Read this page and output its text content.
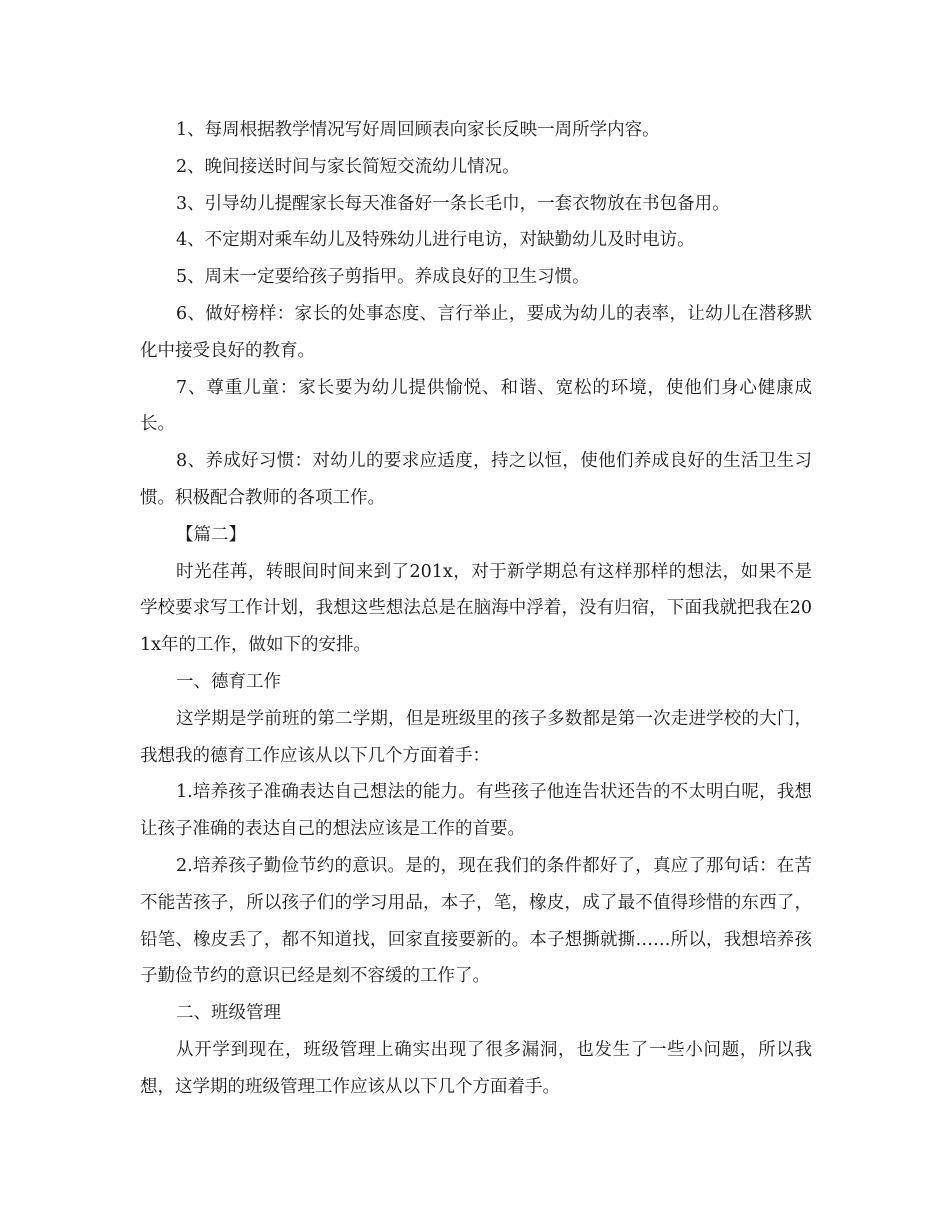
1、每周根据教学情况写好周回顾表向家长反映一周所学内容。

2、晚间接送时间与家长简短交流幼儿情况。

3、引导幼儿提醒家长每天准备好一条长毛巾，一套衣物放在书包备用。

4、不定期对乘车幼儿及特殊幼儿进行电访，对缺勤幼儿及时电访。

5、周末一定要给孩子剪指甲。养成良好的卫生习惯。

6、做好榜样：家长的处事态度、言行举止，要成为幼儿的表率，让幼儿在潜移默化中接受良好的教育。

7、尊重儿童：家长要为幼儿提供愉悦、和谐、宽松的环境，使他们身心健康成长。

8、养成好习惯：对幼儿的要求应适度，持之以恒，使他们养成良好的生活卫生习惯。积极配合教师的各项工作。

【篇二】

时光荏苒，转眼间时间来到了201x，对于新学期总有这样那样的想法，如果不是学校要求写工作计划，我想这些想法总是在脑海中浮着，没有归宿，下面我就把我在201x年的工作，做如下的安排。

一、德育工作

这学期是学前班的第二学期，但是班级里的孩子多数都是第一次走进学校的大门，我想我的德育工作应该从以下几个方面着手：

1.培养孩子准确表达自己想法的能力。有些孩子他连告状还告的不太明白呢，我想让孩子准确的表达自己的想法应该是工作的首要。

2.培养孩子勤俭节约的意识。是的，现在我们的条件都好了，真应了那句话：在苦不能苦孩子，所以孩子们的学习用品，本子，笔，橡皮，成了最不值得珍惜的东西了，铅笔、橡皮丢了，都不知道找，回家直接要新的。本子想撕就撕……所以，我想培养孩子勤俭节约的意识已经是刻不容缓的工作了。

二、班级管理

从开学到现在，班级管理上确实出现了很多漏洞，也发生了一些小问题，所以我想，这学期的班级管理工作应该从以下几个方面着手。
